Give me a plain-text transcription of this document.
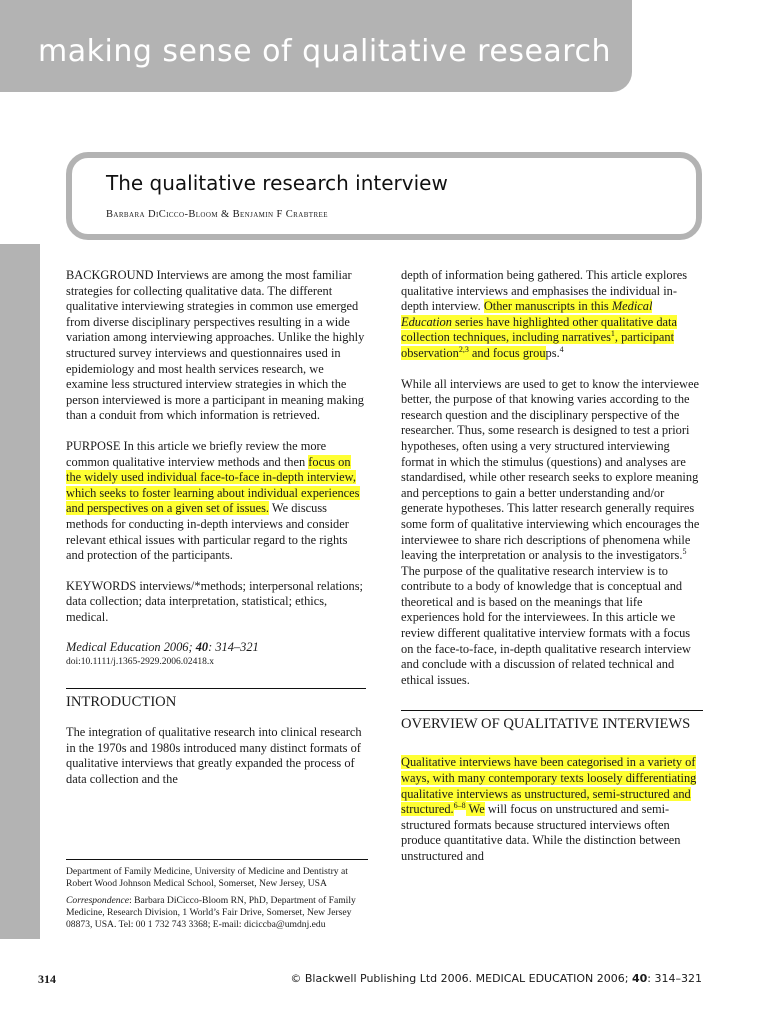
making sense of qualitative research
The qualitative research interview
Barbara DiCicco-Bloom & Benjamin F Crabtree

BACKGROUND Interviews are among the most familiar strategies for collecting qualitative data. The different qualitative interviewing strategies in common use emerged from diverse disciplinary perspectives resulting in a wide variation among interviewing approaches. Unlike the highly structured survey interviews and questionnaires used in epidemiology and most health services research, we examine less structured interview strategies in which the person interviewed is more a participant in meaning making than a conduit from which information is retrieved.

PURPOSE In this article we briefly review the more common qualitative interview methods and then focus on the widely used individual face-to-face in-depth interview, which seeks to foster learning about individual experiences and perspectives on a given set of issues. We discuss methods for conducting in-depth interviews and consider relevant ethical issues with particular regard to the rights and protection of the participants.

KEYWORDS interviews/*methods; interpersonal relations; data collection; data interpretation, statistical; ethics, medical.

Medical Education 2006; 40: 314–321

doi:10.1111/j.1365-2929.2006.02418.x

INTRODUCTION

The integration of qualitative research into clinical research in the 1970s and 1980s introduced many distinct formats of qualitative interviews that greatly expanded the process of data collection and the

Department of Family Medicine, University of Medicine and Dentistry at Robert Wood Johnson Medical School, Somerset, New Jersey, USA

Correspondence: Barbara DiCicco-Bloom RN, PhD, Department of Family Medicine, Research Division, 1 World’s Fair Drive, Somerset, New Jersey 08873, USA. Tel: 00 1 732 743 3368; E-mail: diciccba@umdnj.edu

depth of information being gathered. This article explores qualitative interviews and emphasises the individual in-depth interview. Other manuscripts in this Medical Education series have highlighted other qualitative data collection techniques, including narratives$^1$, participant observation$^{2,3}$ and focus groups.$^4$

While all interviews are used to get to know the interviewee better, the purpose of that knowing varies according to the research question and the disciplinary perspective of the researcher. Thus, some research is designed to test a priori hypotheses, often using a very structured interviewing format in which the stimulus (questions) and analyses are standardised, while other research seeks to explore meaning and perceptions to gain a better understanding and/or generate hypotheses. This latter research generally requires some form of qualitative interviewing which encourages the interviewee to share rich descriptions of phenomena while leaving the interpretation or analysis to the investigators.$^5$ The purpose of the qualitative research interview is to contribute to a body of knowledge that is conceptual and theoretical and is based on the meanings that life experiences hold for the interviewees. In this article we review different qualitative interview formats with a focus on the face-to-face, in-depth qualitative research interview and conclude with a discussion of related technical and ethical issues.

OVERVIEW OF QUALITATIVE INTERVIEWS

Qualitative interviews have been categorised in a variety of ways, with many contemporary texts loosely differentiating qualitative interviews as unstructured, semi-structured and structured.$^{6-8}$ We will focus on unstructured and semi-structured formats because structured interviews often produce quantitative data. While the distinction between unstructured and

314	© Blackwell Publishing Ltd 2006. MEDICAL EDUCATION 2006; 40: 314–321
